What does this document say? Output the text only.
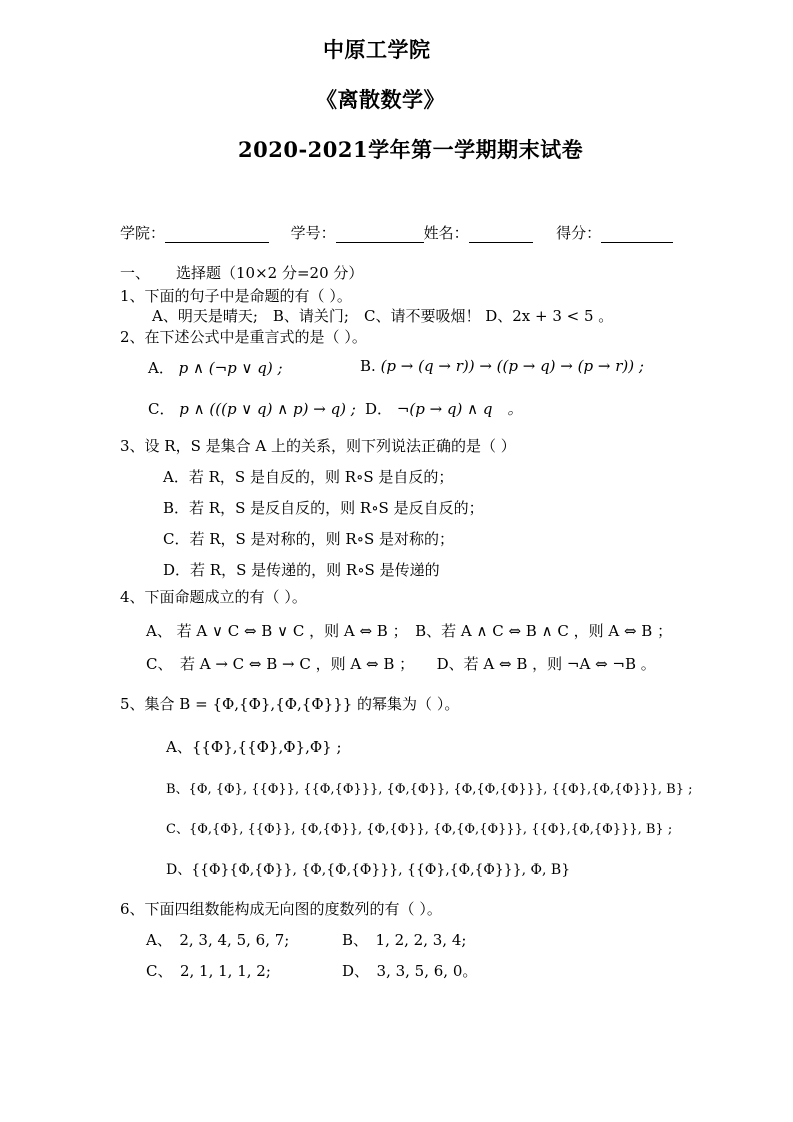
中原工学院
《离散数学》
2020-2021学年第一学期期末试卷
学院：	学号：	姓名：	得分：
一、 选择题（10×2 分=20 分）
1、下面的句子中是命题的有（ ）。
A、明天是晴天;　B、请关门;　C、请不要吸烟！ D、2x + 3 < 5 。
2、在下述公式中是重言式的是（ ）。
A． p ∧ (¬p ∨ q) ;	B. (p → (q → r)) → ((p → q) → (p → r)) ;
C． p ∧ (((p ∨ q) ∧ p) → q) ; D． ¬(p → q) ∧ q　。
3、设 R，S 是集合 A 上的关系，则下列说法正确的是（ ）
A．若 R，S 是自反的，则 R∘S 是自反的；
B．若 R，S 是反自反的，则 R∘S 是反自反的；
C．若 R，S 是对称的，则 R∘S 是对称的；
D．若 R，S 是传递的，则 R∘S 是传递的
4、下面命题成立的有（ ）。
A、 若 A ∨ C ⇔ B ∨ C ，则 A ⇔ B ；　B、若 A ∧ C ⇔ B ∧ C ，则 A ⇔ B ；
C、　若 A → C ⇔ B → C ，则 A ⇔ B ；　　D、若 A ⇔ B ，则 ¬A ⇔ ¬B 。
5、集合 B = {Φ,{Φ},{Φ,{Φ}}} 的幂集为（ ）。
A、{{Φ},{{Φ},Φ},Φ} ;
B、{Φ, {Φ}, {{Φ}}, {{Φ,{Φ}}}, {Φ,{Φ}}, {Φ,{Φ,{Φ}}}, {{Φ},{Φ,{Φ}}}, B} ;
C、{Φ,{Φ}, {{Φ}}, {Φ,{Φ}}, {Φ,{Φ}}, {Φ,{Φ,{Φ}}}, {{Φ},{Φ,{Φ}}}, B} ;
D、{{Φ}{Φ,{Φ}}, {Φ,{Φ,{Φ}}}, {{Φ},{Φ,{Φ}}}, Φ, B}
6、下面四组数能构成无向图的度数列的有（ ）。
A、　2, 3, 4, 5, 6, 7;	B、　1, 2, 2, 3, 4;
C、　2, 1, 1, 1, 2;	D、　3, 3, 5, 6, 0。
